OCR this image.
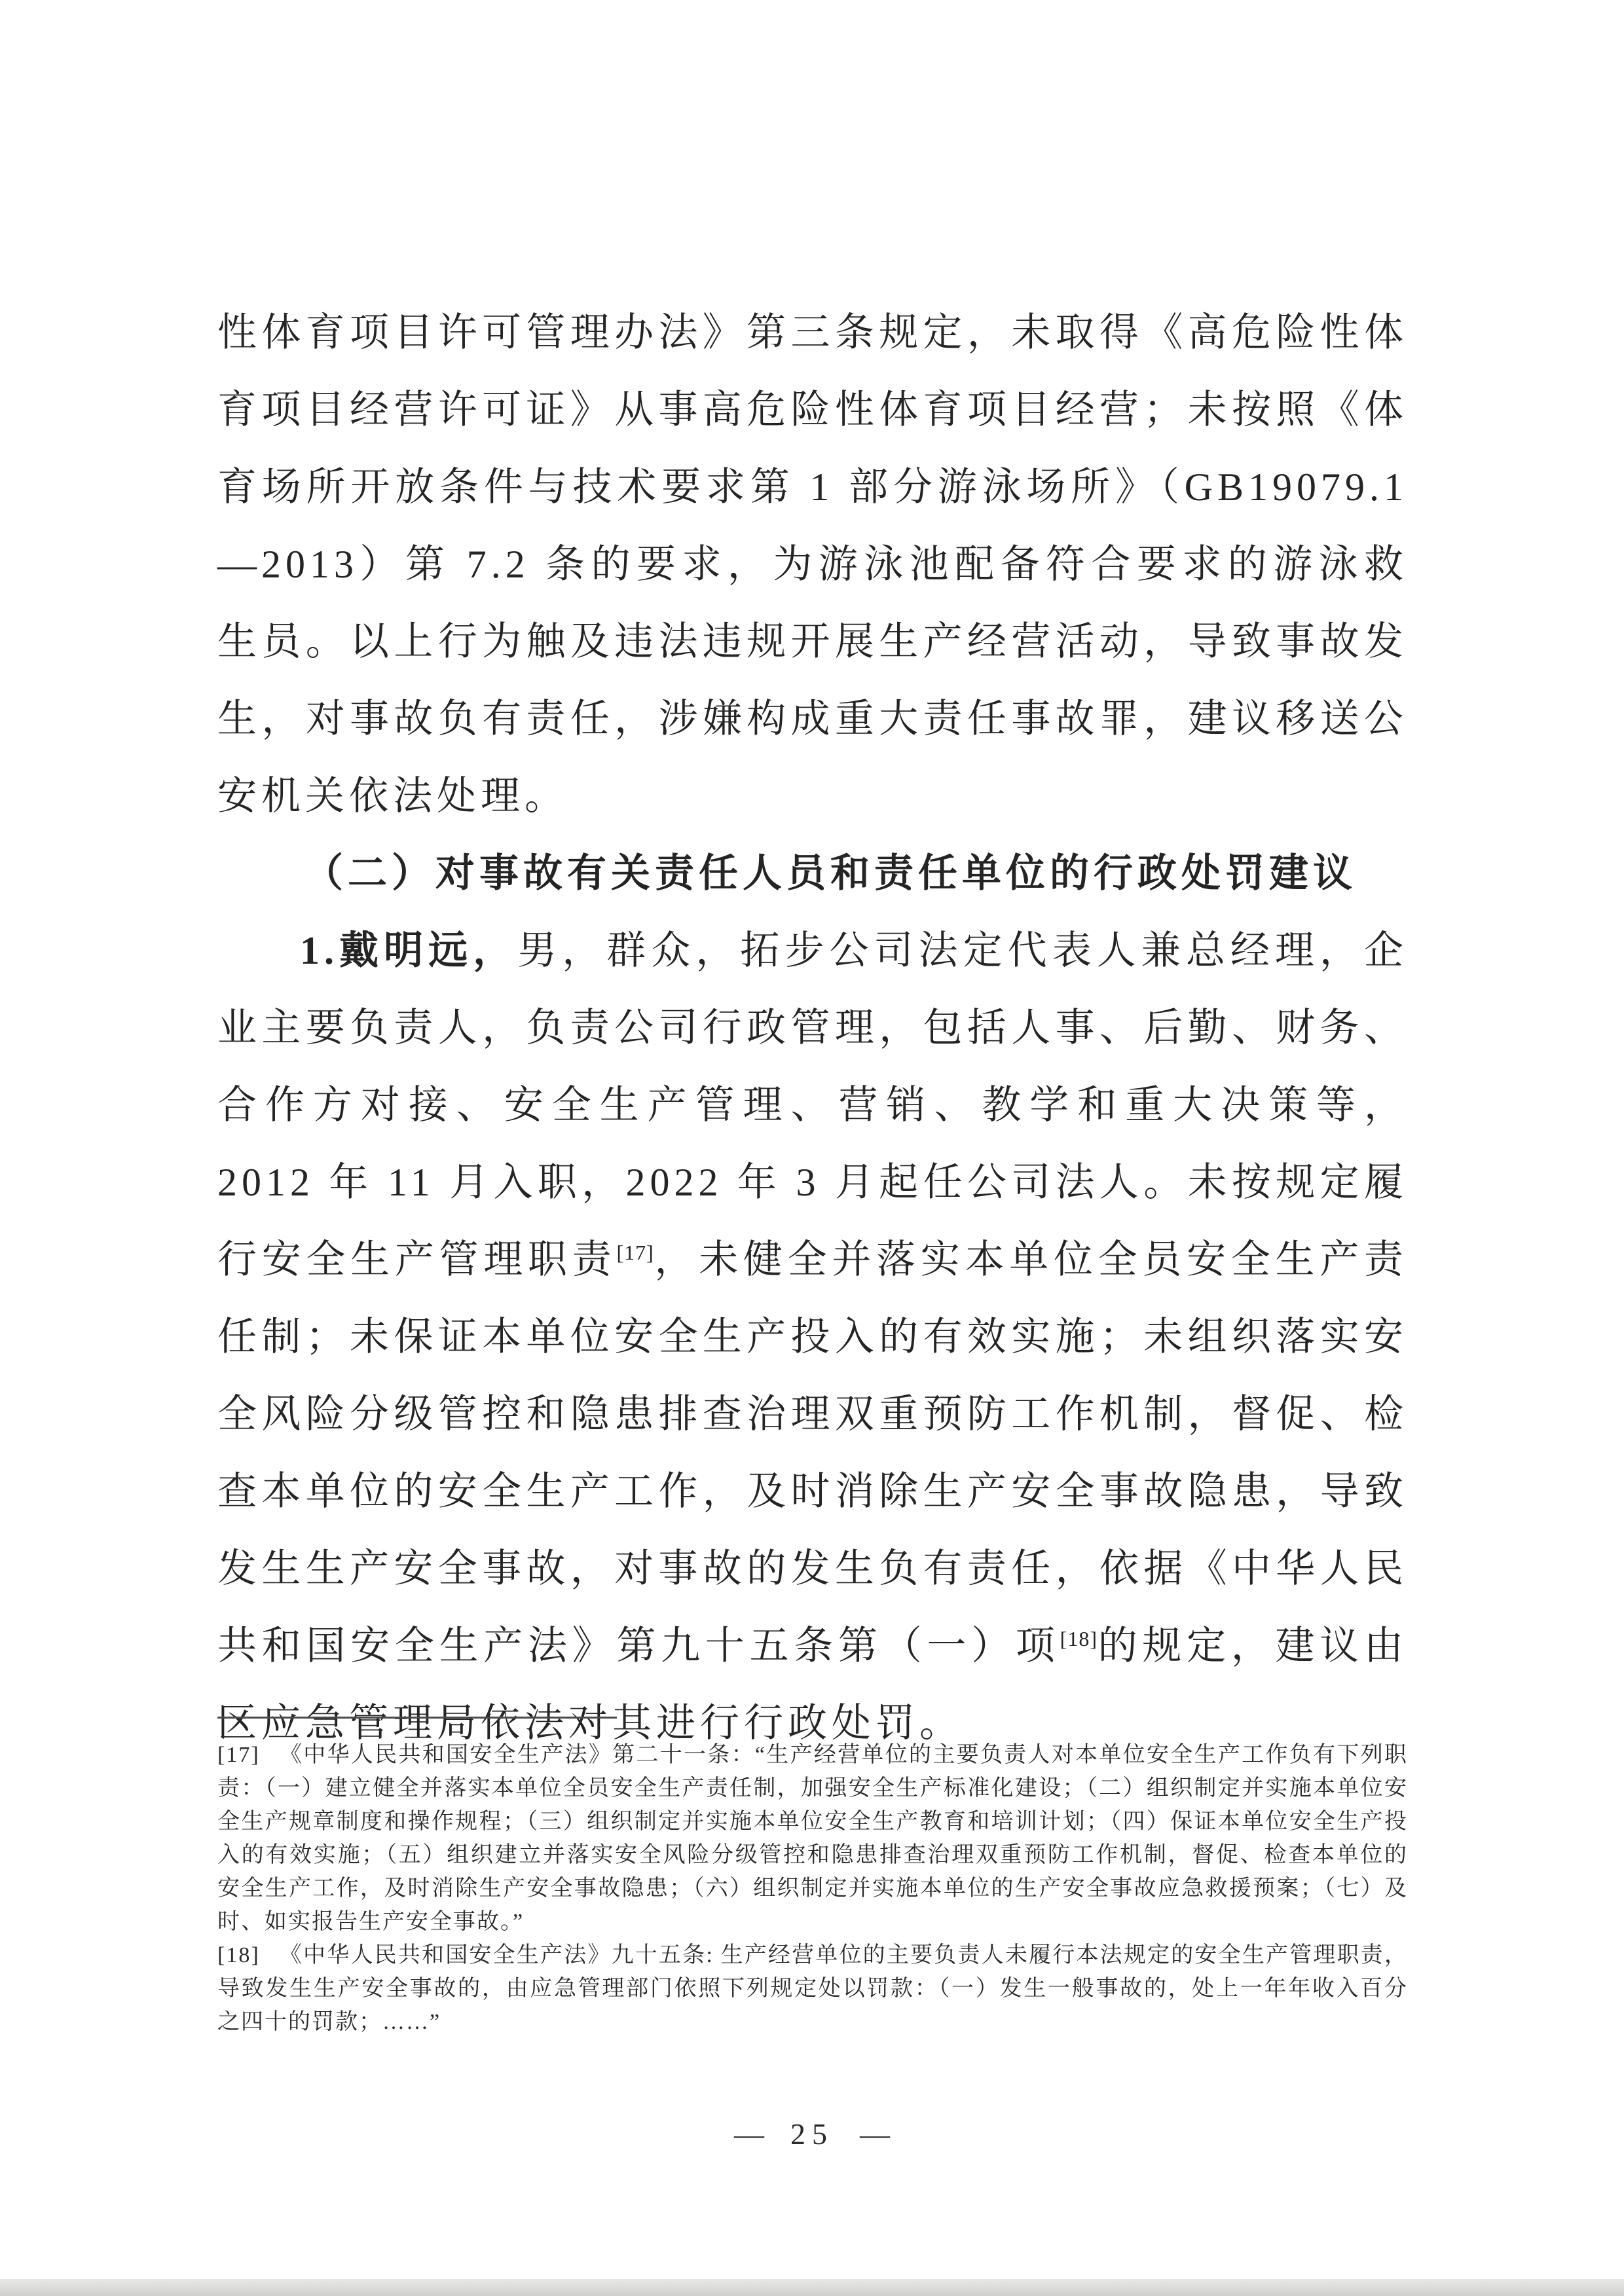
性体育项目许可管理办法》第三条规定，未取得《高危险性体育项目经营许可证》从事高危险性体育项目经营；未按照《体育场所开放条件与技术要求第 1 部分游泳场所》（GB19079.1—2013）第 7.2 条的要求，为游泳池配备符合要求的游泳救生员。以上行为触及违法违规开展生产经营活动，导致事故发生，对事故负有责任，涉嫌构成重大责任事故罪，建议移送公安机关依法处理。

（二）对事故有关责任人员和责任单位的行政处罚建议

1.戴明远，男，群众，拓步公司法定代表人兼总经理，企业主要负责人，负责公司行政管理，包括人事、后勤、财务、合作方对接、安全生产管理、营销、教学和重大决策等，2012 年 11 月入职，2022 年 3 月起任公司法人。未按规定履行安全生产管理职责[17]，未健全并落实本单位全员安全生产责任制；未保证本单位安全生产投入的有效实施；未组织落实安全风险分级管控和隐患排查治理双重预防工作机制，督促、检查本单位的安全生产工作，及时消除生产安全事故隐患，导致发生生产安全事故，对事故的发生负有责任，依据《中华人民共和国安全生产法》第九十五条第（一）项[18]的规定，建议由区应急管理局依法对其进行行政处罚。

[17] 《中华人民共和国安全生产法》第二十一条：“生产经营单位的主要负责人对本单位安全生产工作负有下列职责：（一）建立健全并落实本单位全员安全生产责任制，加强安全生产标准化建设；（二）组织制定并实施本单位安全生产规章制度和操作规程；（三）组织制定并实施本单位安全生产教育和培训计划；（四）保证本单位安全生产投入的有效实施；（五）组织建立并落实安全风险分级管控和隐患排查治理双重预防工作机制，督促、检查本单位的安全生产工作，及时消除生产安全事故隐患；（六）组织制定并实施本单位的生产安全事故应急救援预案；（七）及时、如实报告生产安全事故。”

[18] 《中华人民共和国安全生产法》九十五条: 生产经营单位的主要负责人未履行本法规定的安全生产管理职责，导致发生生产安全事故的，由应急管理部门依照下列规定处以罚款：（一）发生一般事故的，处上一年年收入百分之四十的罚款；……”

— 25 —
